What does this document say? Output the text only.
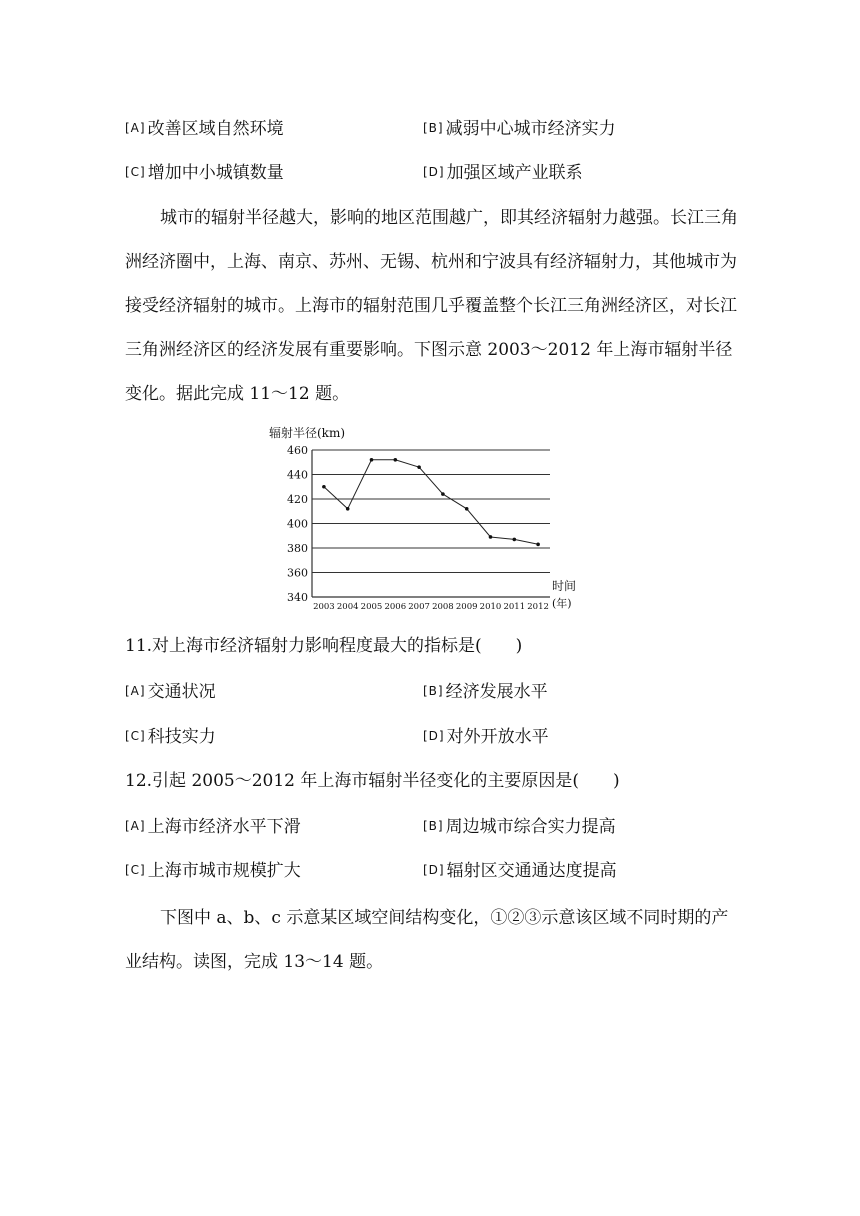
[A] 改善区域自然环境	[B] 减弱中心城市经济实力
[C] 增加中小城镇数量	[D] 加强区域产业联系

城市的辐射半径越大，影响的地区范围越广，即其经济辐射力越强。长江三角洲经济圈中，上海、南京、苏州、无锡、杭州和宁波具有经济辐射力，其他城市为接受经济辐射的城市。上海市的辐射范围几乎覆盖整个长江三角洲经济区，对长江三角洲经济区的经济发展有重要影响。下图示意 2003～2012 年上海市辐射半径变化。据此完成 11～12 题。

辐射半径(km)
340
360
380
400
420
440
460
2003 2004 2005 2006 2007 2008 2009 2010 2011 2012
时间
(年)
11.对上海市经济辐射力影响程度最大的指标是(　　)
[A] 交通状况	[B] 经济发展水平
[C] 科技实力	[D] 对外开放水平
12.引起 2005～2012 年上海市辐射半径变化的主要原因是(　　)
[A] 上海市经济水平下滑	[B] 周边城市综合实力提高
[C] 上海市城市规模扩大	[D] 辐射区交通通达度提高

下图中 a、b、c 示意某区域空间结构变化，①②③示意该区域不同时期的产业结构。读图，完成 13～14 题。
